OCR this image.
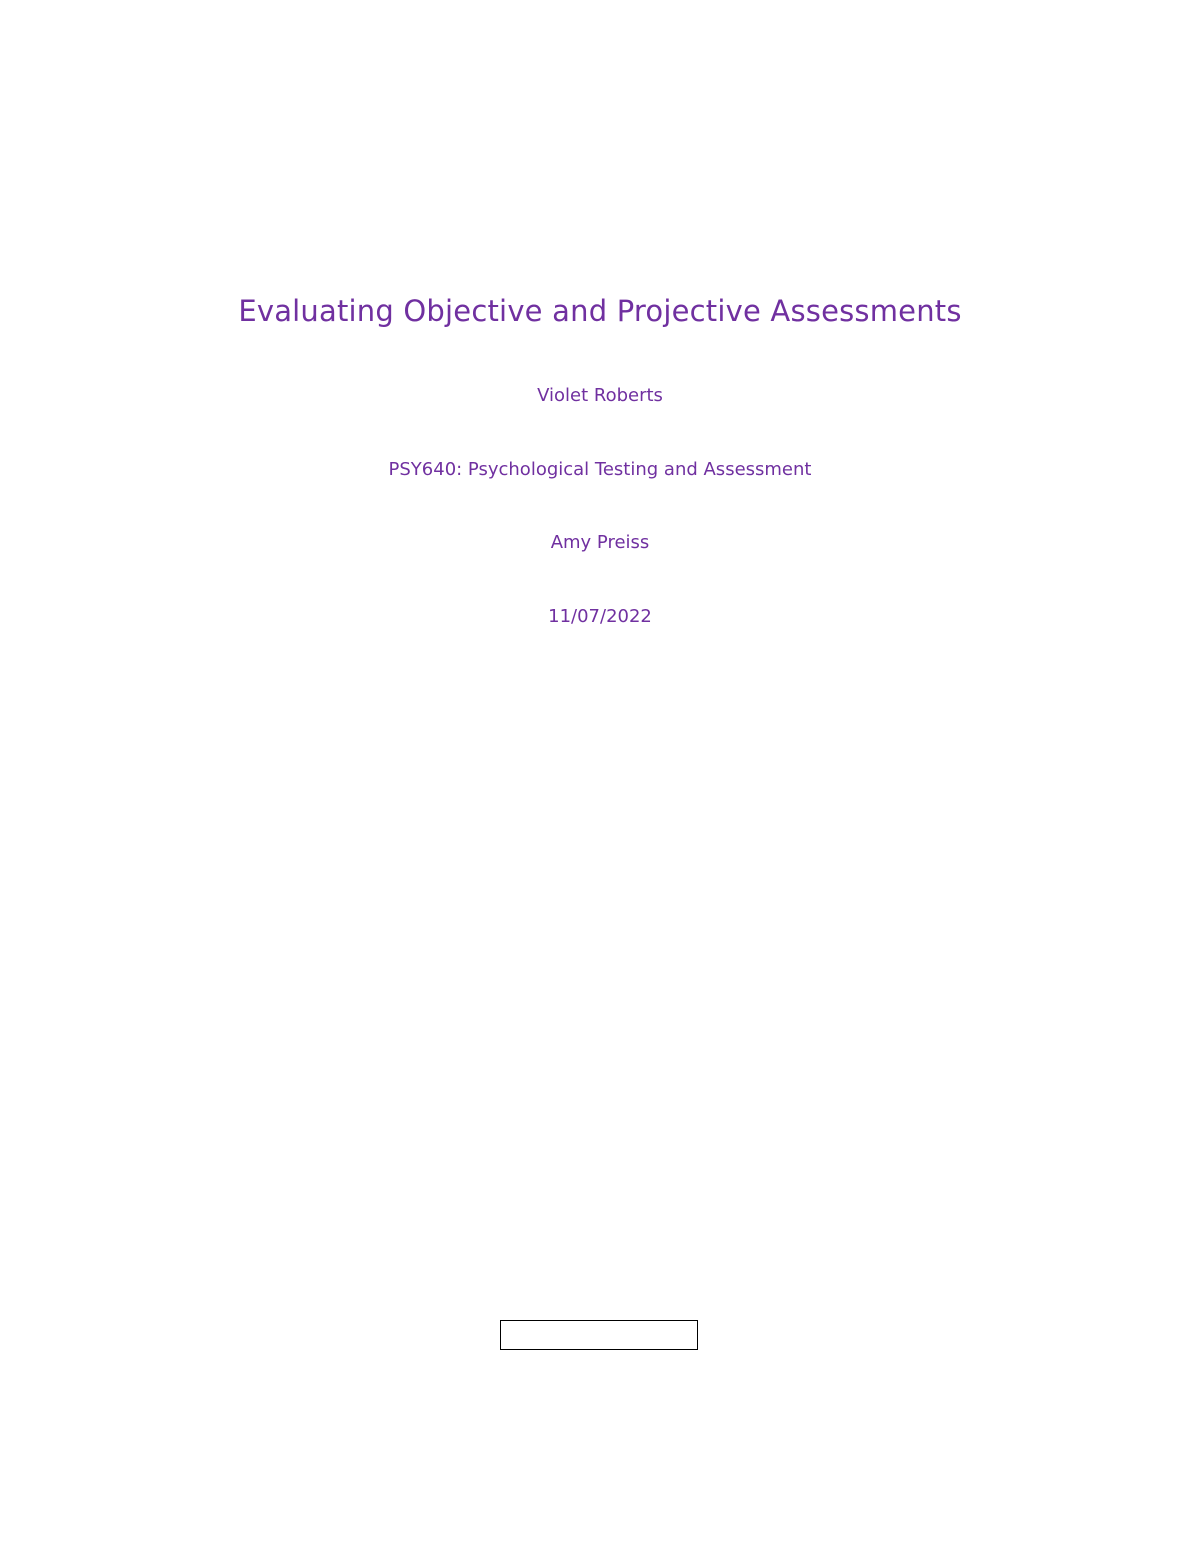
Evaluating Objective and Projective Assessments
Violet Roberts
PSY640: Psychological Testing and Assessment
Amy Preiss
11/07/2022
